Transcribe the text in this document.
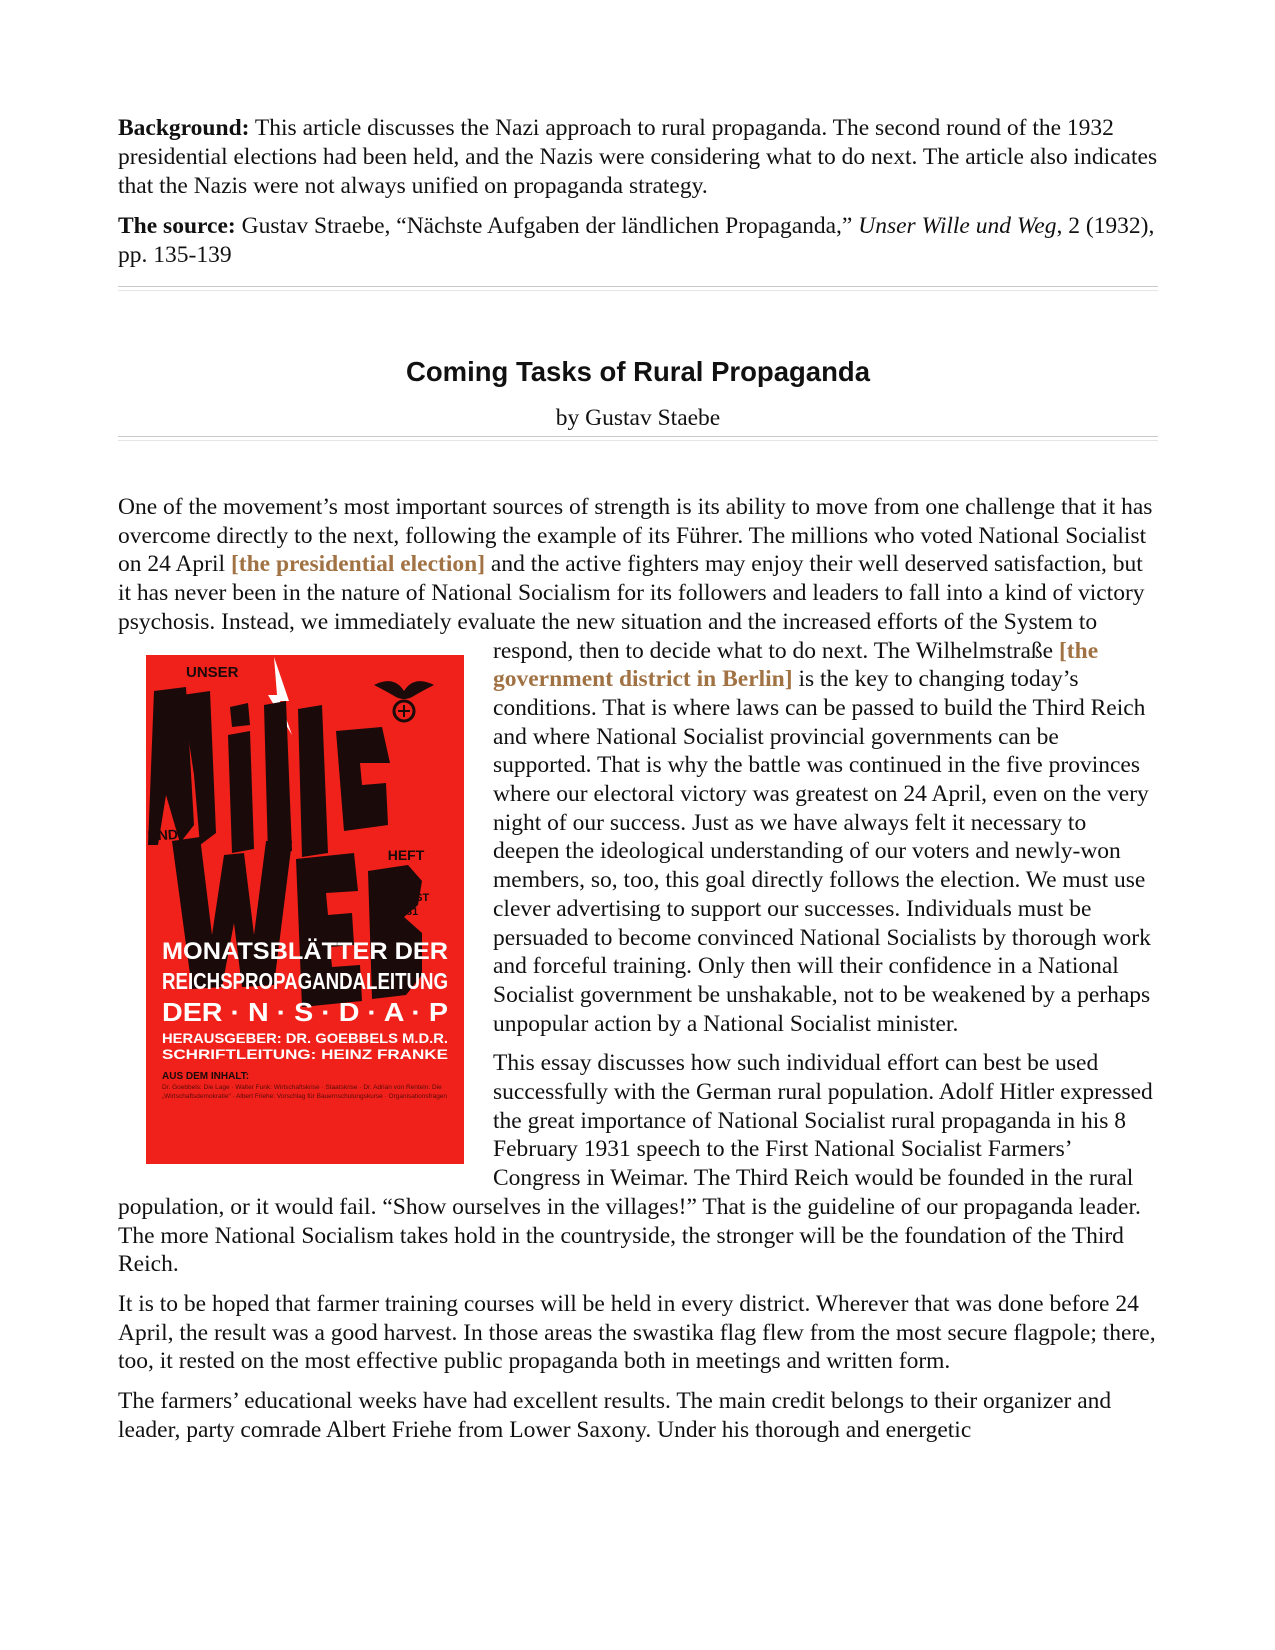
Background: This article discusses the Nazi approach to rural propaganda. The second round of the 1932 presidential elections had been held, and the Nazis were considering what to do next. The article also indicates that the Nazis were not always unified on propaganda strategy.

The source: Gustav Straebe, “Nächste Aufgaben der ländlichen Propaganda,” Unser Wille und Weg, 2 (1932), pp. 135-139

Coming Tasks of Rural Propaganda
by Gustav Staebe

One of the movement’s most important sources of strength is its ability to move from one challenge that it has overcome directly to the next, following the example of its Führer. The millions who voted National Socialist on 24 April [the presidential election] and the active fighters may enjoy their well deserved satisfaction, but it has never been in the nature of National Socialism for its followers and leaders to fall into a kind of victory psychosis. Instead, we immediately evaluate the new situation and the increased efforts of the System to respond, then to decide what to do next. The Wilhelmstraße
UNSER
UND
HEFT
5
AUGUST
1931
MONATSBLÄTTER DER
REICHSPROPAGANDALEITUNG
DER · N · S · D · A · P
HERAUSGEBER: DR. GOEBBELS M.D.R.
SCHRIFTLEITUNG: HEINZ FRANKE
AUS DEM INHALT:
Dr. Goebbels: Die Lage · Walter Funk: Wirtschaftskrise · Staatskrise · Dr. Adrian von Renteln: Die „Wirtschaftsdemokratie“ · Albert Friehe: Vorschlag für Bauernschulungskurse · Organisationsfragen
[the government district in Berlin] is the key to changing today’s conditions. That is where laws can be passed to build the Third Reich and where National Socialist provincial governments can be supported. That is why the battle was continued in the five provinces where our electoral victory was greatest on 24 April, even on the very night of our success. Just as we have always felt it necessary to deepen the ideological understanding of our voters and newly-won members, so, too, this goal directly follows the election. We must use clever advertising to support our successes. Individuals must be persuaded to become convinced National Socialists by thorough work and forceful training. Only then will their confidence in a National Socialist government be unshakable, not to be weakened by a perhaps unpopular action by a National Socialist minister.

This essay discusses how such individual effort can best be used successfully with the German rural population. Adolf Hitler expressed the great importance of National Socialist rural propaganda in his 8 February 1931 speech to the First National Socialist Farmers’ Congress in Weimar. The Third Reich would be founded in the rural population, or it would fail. “Show ourselves in the villages!” That is the guideline of our propaganda leader. The more National Socialism takes hold in the countryside, the stronger will be the foundation of the Third Reich.

It is to be hoped that farmer training courses will be held in every district. Wherever that was done before 24 April, the result was a good harvest. In those areas the swastika flag flew from the most secure flagpole; there, too, it rested on the most effective public propaganda both in meetings and written form.

The farmers’ educational weeks have had excellent results. The main credit belongs to their organizer and leader, party comrade Albert Friehe from Lower Saxony. Under his thorough and energetic
